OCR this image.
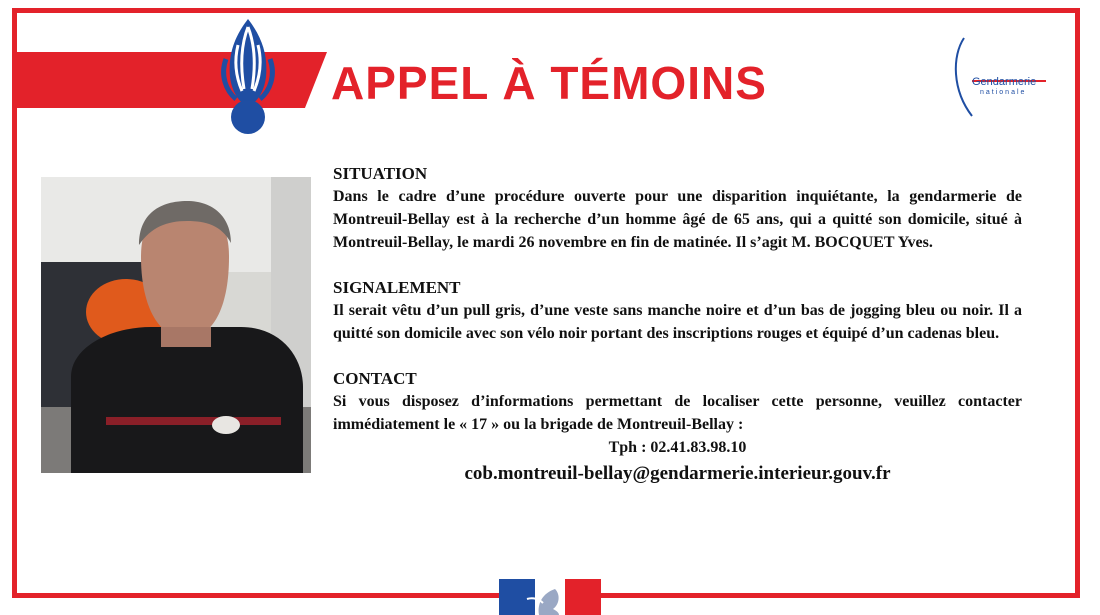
APPEL À TÉMOINS	Gendarmerie
nationale
SITUATION

Dans le cadre d’une procédure ouverte pour une disparition inquiétante, la gendarmerie de Montreuil-Bellay est à la recherche d’un homme âgé de 65 ans, qui a quitté son domicile, situé à Montreuil-Bellay, le mardi 26 novembre en fin de matinée. Il s’agit M. BOCQUET Yves.

SIGNALEMENT

Il serait vêtu d’un pull gris, d’une veste sans manche noire et d’un bas de jogging bleu ou noir. Il a quitté son domicile avec son vélo noir portant des inscriptions rouges et équipé d’un cadenas bleu.

CONTACT

Si vous disposez d’informations permettant de localiser cette personne, veuillez contacter immédiatement le « 17 » ou la brigade de Montreuil-Bellay :

Tph : 02.41.83.98.10
cob.montreuil-bellay@gendarmerie.interieur.gouv.fr
